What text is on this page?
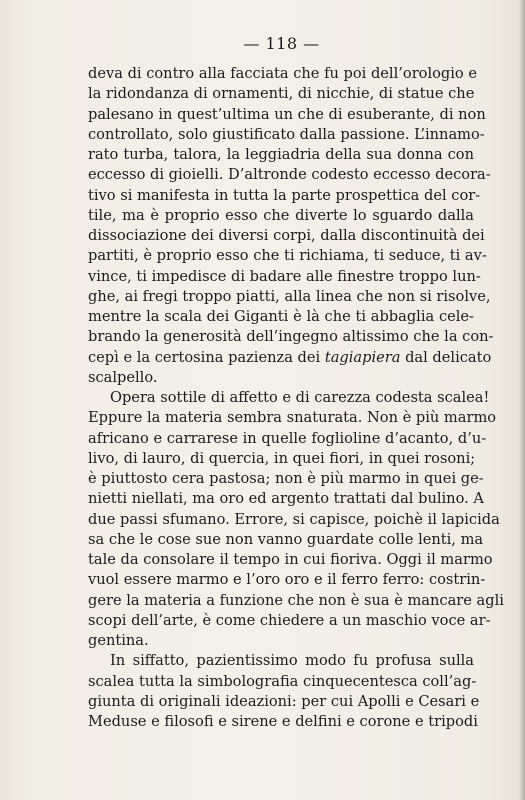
— 118 —

deva di contro alla facciata che fu poi dell’orologio e

la ridondanza di ornamenti, di nicchie, di statue che

palesano in quest’ultima un che di esuberante, di non

controllato, solo giustificato dalla passione. L’innamo-

rato turba, talora, la leggiadria della sua donna con

eccesso di gioielli. D’altronde codesto eccesso decora-

tivo si manifesta in tutta la parte prospettica del cor-

tile, ma è proprio esso che diverte lo sguardo dalla

dissociazione dei diversi corpi, dalla discontinuità dei

partiti, è proprio esso che ti richiama, ti seduce, ti av-

vince, ti impedisce di badare alle finestre troppo lun-

ghe, ai fregi troppo piatti, alla linea che non si risolve,

mentre la scala dei Giganti è là che ti abbaglia cele-

brando la generosità dell’ingegno altissimo che la con-

cepì e la certosina pazienza dei tagiapiera dal delicato

scalpello.

Opera sottile di affetto e di carezza codesta scalea!

Eppure la materia sembra snaturata. Non è più marmo

africano e carrarese in quelle foglioline d’acanto, d’u-

livo, di lauro, di quercia, in quei fiori, in quei rosoni;

è piuttosto cera pastosa; non è più marmo in quei ge-

nietti niellati, ma oro ed argento trattati dal bulino. A

due passi sfumano. Errore, si capisce, poichè il lapicida

sa che le cose sue non vanno guardate colle lenti, ma

tale da consolare il tempo in cui fioriva. Oggi il marmo

vuol essere marmo e l’oro oro e il ferro ferro: costrin-

gere la materia a funzione che non è sua è mancare agli

scopi dell’arte, è come chiedere a un maschio voce ar-

gentina.

In siffatto, pazientissimo modo fu profusa sulla

scalea tutta la simbolografia cinquecentesca coll’ag-

giunta di originali ideazioni: per cui Apolli e Cesari e

Meduse e filosofi e sirene e delfini e corone e tripodi
